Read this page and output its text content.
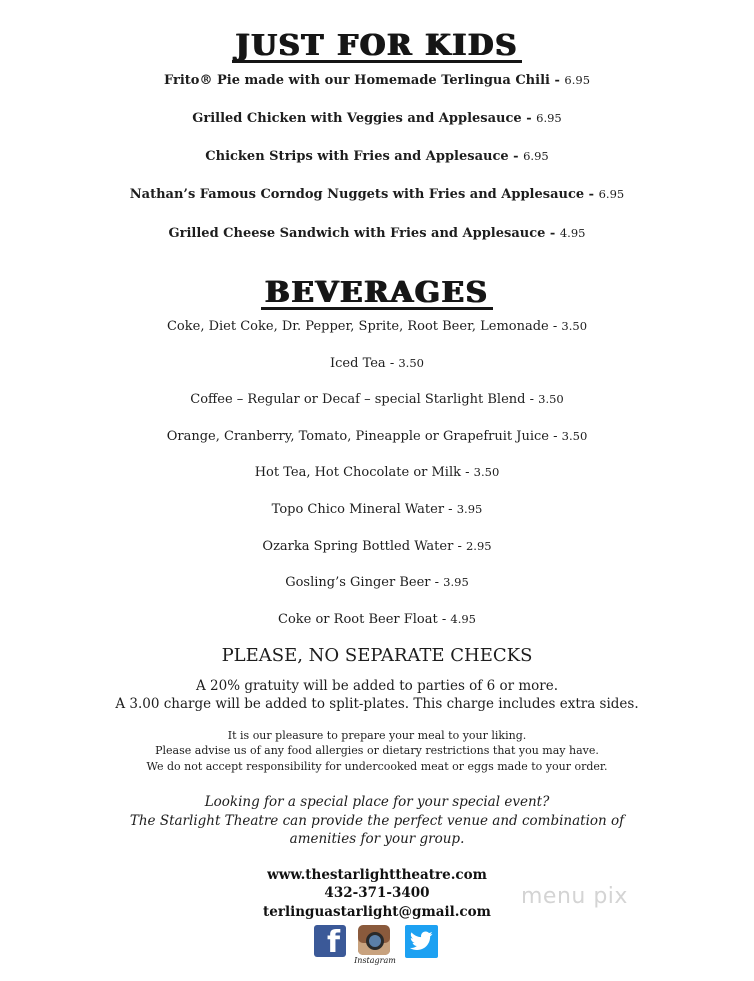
JUST FOR KIDS
Frito® Pie made with our Homemade Terlingua Chili - 6.95
Grilled Chicken with Veggies and Applesauce - 6.95
Chicken Strips with Fries and Applesauce - 6.95
Nathan’s Famous Corndog Nuggets with Fries and Applesauce - 6.95
Grilled Cheese Sandwich with Fries and Applesauce - 4.95
BEVERAGES
Coke, Diet Coke, Dr. Pepper, Sprite, Root Beer, Lemonade - 3.50
Iced Tea - 3.50
Coffee – Regular or Decaf – special Starlight Blend - 3.50
Orange, Cranberry, Tomato, Pineapple or Grapefruit Juice - 3.50
Hot Tea, Hot Chocolate or Milk - 3.50
Topo Chico Mineral Water - 3.95
Ozarka Spring Bottled Water - 2.95
Gosling’s Ginger Beer - 3.95
Coke or Root Beer Float - 4.95
PLEASE, NO SEPARATE CHECKS
A 20% gratuity will be added to parties of 6 or more.
A 3.00 charge will be added to split-plates. This charge includes extra sides.
It is our pleasure to prepare your meal to your liking.
Please advise us of any food allergies or dietary restrictions that you may have.
We do not accept responsibility for undercooked meat or eggs made to your order.
Looking for a special place for your special event?
The Starlight Theatre can provide the perfect venue and combination of
amenities for your group.
www.thestarlighttheatre.com
432-371-3400
terlinguastarlight@gmail.com
menu pix
f
Instagram
